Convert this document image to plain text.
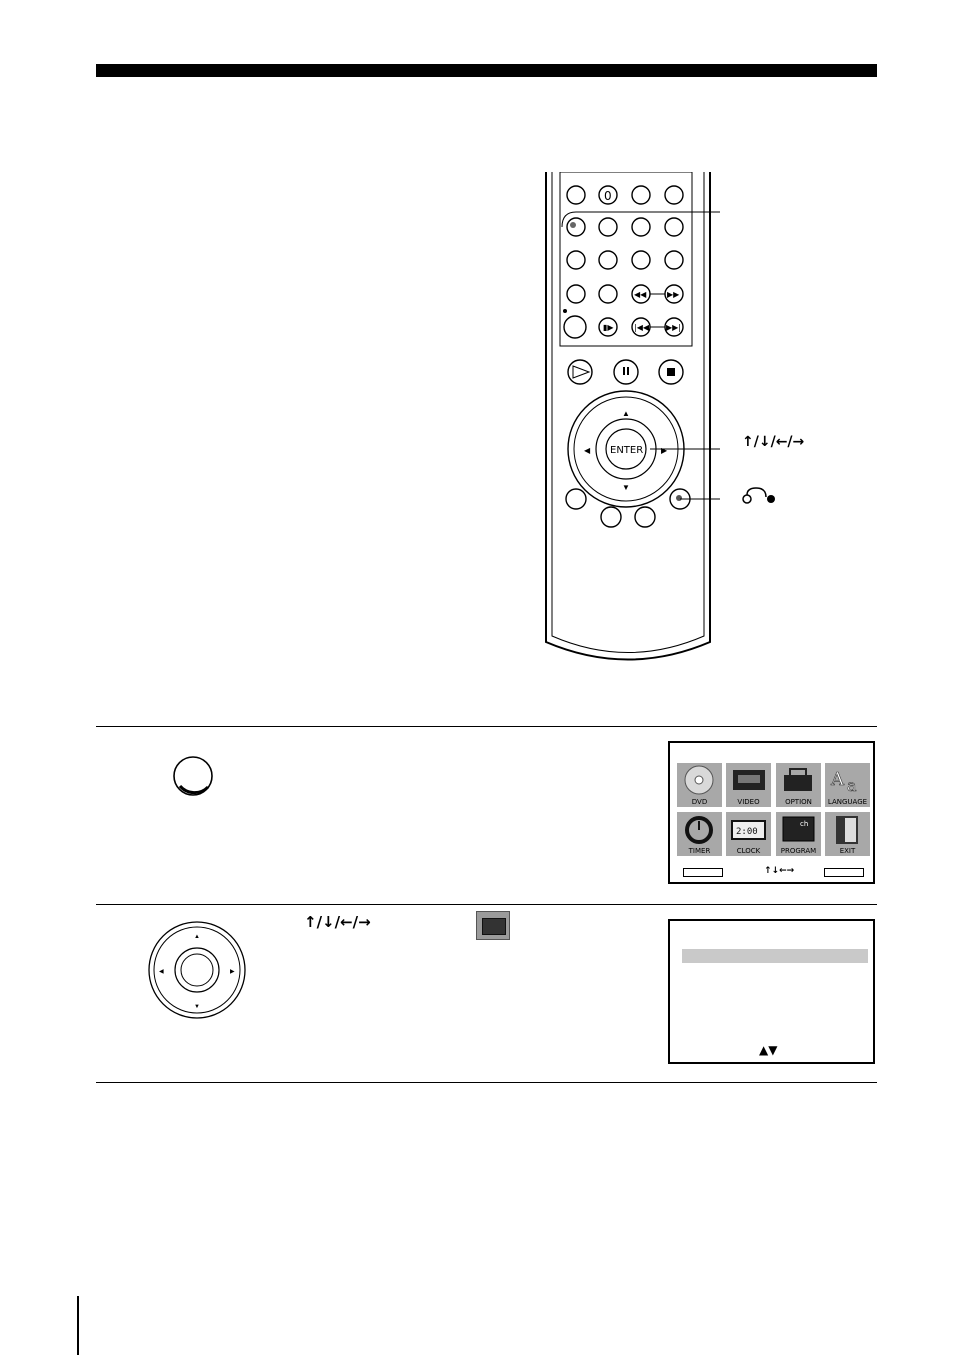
0
◀◀	▶▶
|◀◀ ▶▶|
▮▶
ENTER
▲
▼
◀	▶
↑/↓/←/→
DVD	VIDEO	OPTION
A a
LANGUAGE
TIMER
2:00
CLOCK
ch
PROGRAM	EXIT
↑↓←→
▲
▼
◀	▶
↑/↓/←/→
▲▼
